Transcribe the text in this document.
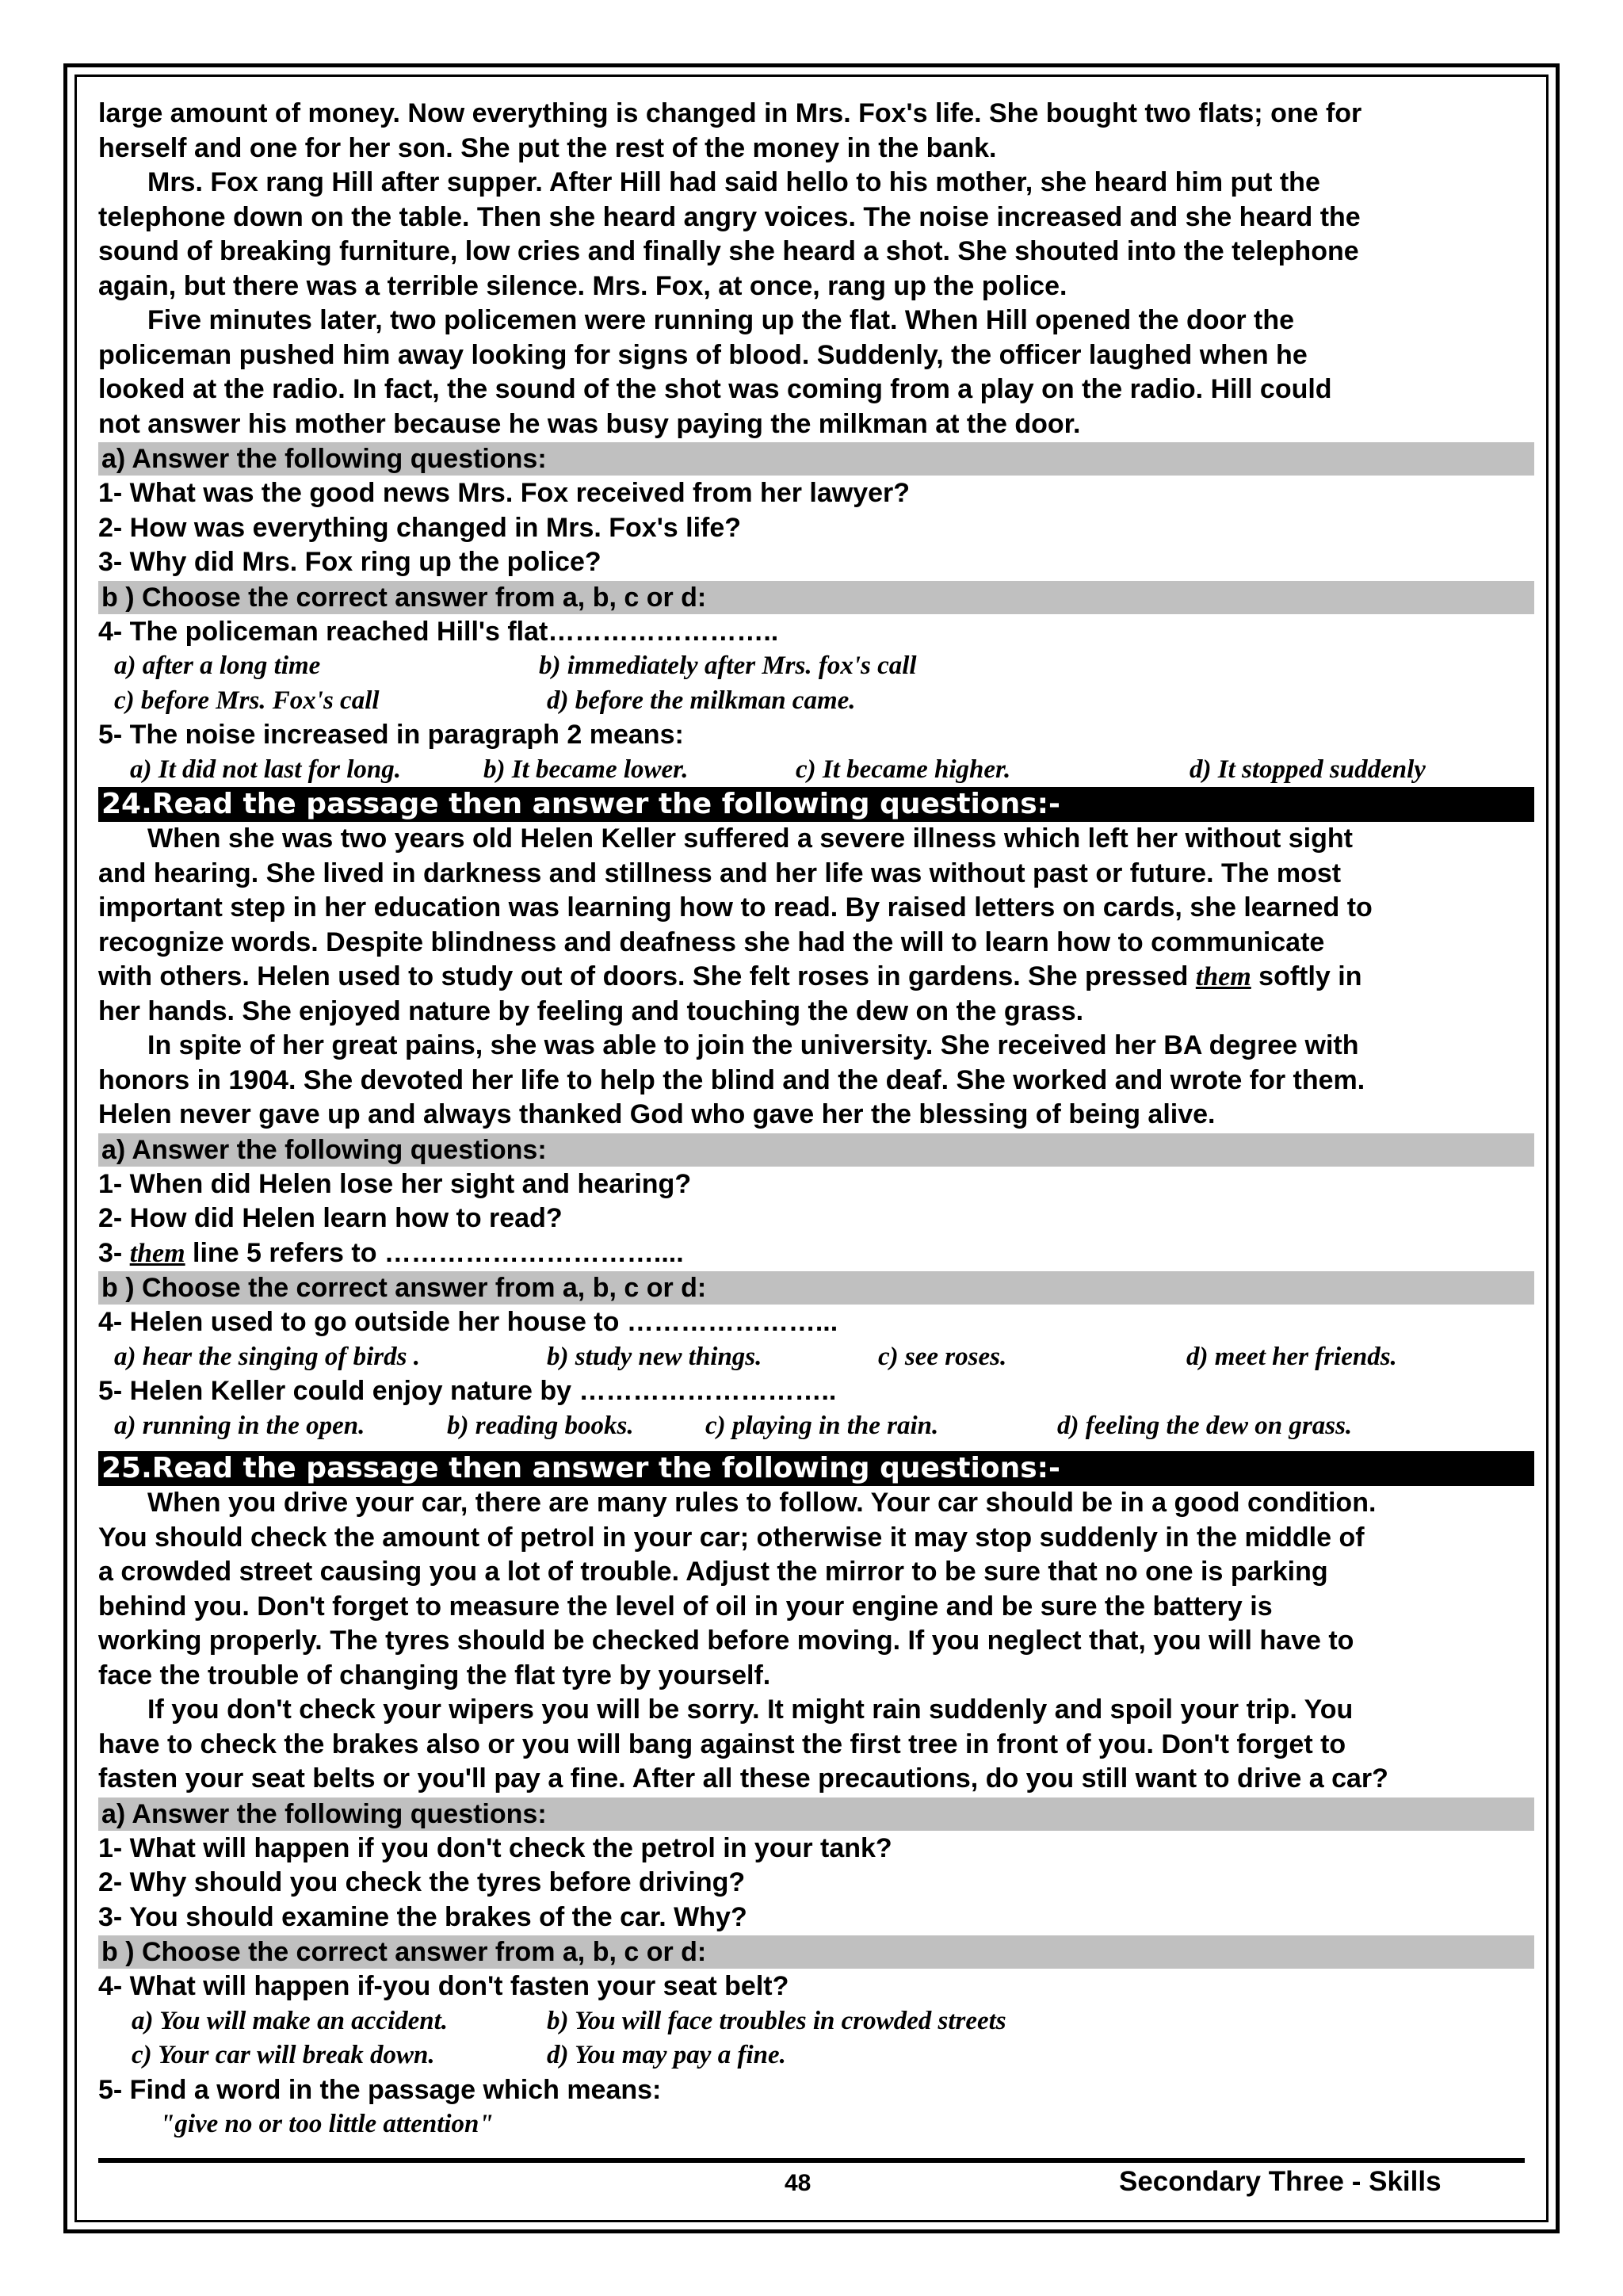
large amount of money. Now everything is changed in Mrs. Fox's life. She bought two flats; one for

herself and one for her son. She put the rest of the money in the bank.

Mrs. Fox rang Hill after supper. After Hill had said hello to his mother, she heard him put the

telephone down on the table. Then she heard angry voices. The noise increased and she heard the

sound of breaking furniture, low cries and finally she heard a shot. She shouted into the telephone

again, but there was a terrible silence. Mrs. Fox, at once, rang up the police.

Five minutes later, two policemen were running up the flat. When Hill opened the door the

policeman pushed him away looking for signs of blood. Suddenly, the officer laughed when he

looked at the radio. In fact, the sound of the shot was coming from a play on the radio. Hill could

not answer his mother because he was busy paying the milkman at the door.

a) Answer the following questions:
1- What was the good news Mrs. Fox received from her lawyer?
2- How was everything changed in Mrs. Fox's life?
3- Why did Mrs. Fox ring up the police?
b ) Choose the correct answer from a, b, c or d:
4- The policeman reached Hill's flat……………………..
a) after a long time	b) immediately after Mrs. fox's call
c) before Mrs. Fox's call	d) before the milkman came.
5- The noise increased in paragraph 2 means:
a) It did not last for long.	b) It became lower.	c) It became higher.	d) It stopped suddenly
24.Read the passage then answer the following questions:-

When she was two years old Helen Keller suffered a severe illness which left her without sight

and hearing. She lived in darkness and stillness and her life was without past or future. The most

important step in her education was learning how to read. By raised letters on cards, she learned to

recognize words. Despite blindness and deafness she had the will to learn how to communicate

with others. Helen used to study out of doors. She felt roses in gardens. She pressed them softly in

her hands. She enjoyed nature by feeling and touching the dew on the grass.

In spite of her great pains, she was able to join the university. She received her BA degree with

honors in 1904. She devoted her life to help the blind and the deaf. She worked and wrote for them.

Helen never gave up and always thanked God who gave her the blessing of being alive.

a) Answer the following questions:
1- When did Helen lose her sight and hearing?
2- How did Helen learn how to read?
3- them line 5 refers to …………………………....
b ) Choose the correct answer from a, b, c or d:
4- Helen used to go outside her house to …………………...
a) hear the singing of birds .	b) study new things.	c) see roses.	d) meet her friends.
5- Helen Keller could enjoy nature by ………………………..
a) running in the open.	b) reading books.	c) playing in the rain.	d) feeling the dew on grass.
25.Read the passage then answer the following questions:-

When you drive your car, there are many rules to follow. Your car should be in a good condition.

You should check the amount of petrol in your car; otherwise it may stop suddenly in the middle of

a crowded street causing you a lot of trouble. Adjust the mirror to be sure that no one is parking

behind you. Don't forget to measure the level of oil in your engine and be sure the battery is

working properly. The tyres should be checked before moving. If you neglect that, you will have to

face the trouble of changing the flat tyre by yourself.

If you don't check your wipers you will be sorry. It might rain suddenly and spoil your trip. You

have to check the brakes also or you will bang against the first tree in front of you. Don't forget to

fasten your seat belts or you'll pay a fine. After all these precautions, do you still want to drive a car?

a) Answer the following questions:
1- What will happen if you don't check the petrol in your tank?
2- Why should you check the tyres before driving?
3- You should examine the brakes of the car. Why?
b ) Choose the correct answer from a, b, c or d:
4- What will happen if-you don't fasten your seat belt?
a) You will make an accident.	b) You will face troubles in crowded streets
c) Your car will break down.	d) You may pay a fine.
5- Find a word in the passage which means:
"give no or too little attention"
48	Secondary Three - Skills
